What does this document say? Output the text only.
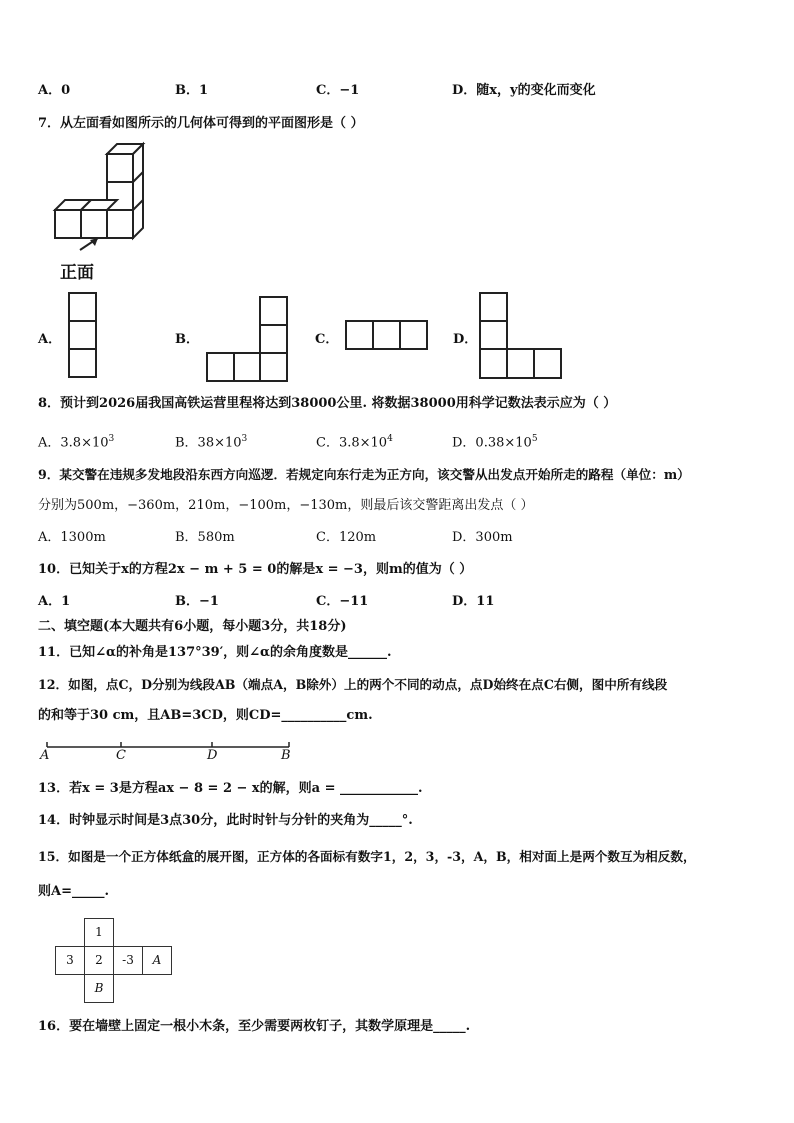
A．0	B．1	C．−1	D．随x，y的变化而变化
7．从左面看如图所示的几何体可得到的平面图形是（ ）
正面
A．	B．	C．	D．
8．预计到2026届我国高铁运营里程将达到38000公里. 将数据38000用科学记数法表示应为（ ）
A．$3.8\times 10^3$	B．$38\times 10^3$	C．$3.8\times 10^4$	D．$0.38\times 10^5$
9．某交警在违规多发地段沿东西方向巡逻．若规定向东行走为正方向，该交警从出发点开始所走的路程（单位：m）
分别为500m，−360m，210m，−100m，−130m，则最后该交警距离出发点（ ）
A．1300m	B．580m	C．120m	D．300m
10．已知关于x的方程2x − m + 5 = 0的解是x = −3，则m的值为（ ）
A．1	B．−1	C．−11	D．11
二、填空题(本大题共有6小题，每小题3分，共18分)
11．已知∠α的补角是137°39′，则∠α的余角度数是______.
12．如图，点C，D分别为线段AB（端点A，B除外）上的两个不同的动点，点D始终在点C右侧，图中所有线段
的和等于30 cm，且AB=3CD，则CD=__________cm.
A	C	D	B
13．若x = 3是方程ax − 8 = 2 − x的解，则a = ____________.
14．时钟显示时间是3点30分，此时时针与分针的夹角为_____°.
15．如图是一个正方体纸盒的展开图，正方体的各面标有数字1，2，3，-3，A，B，相对面上是两个数互为相反数，
则A=_____.
1
3	2	-3	A
B
16．要在墙壁上固定一根小木条，至少需要两枚钉子，其数学原理是_____.
